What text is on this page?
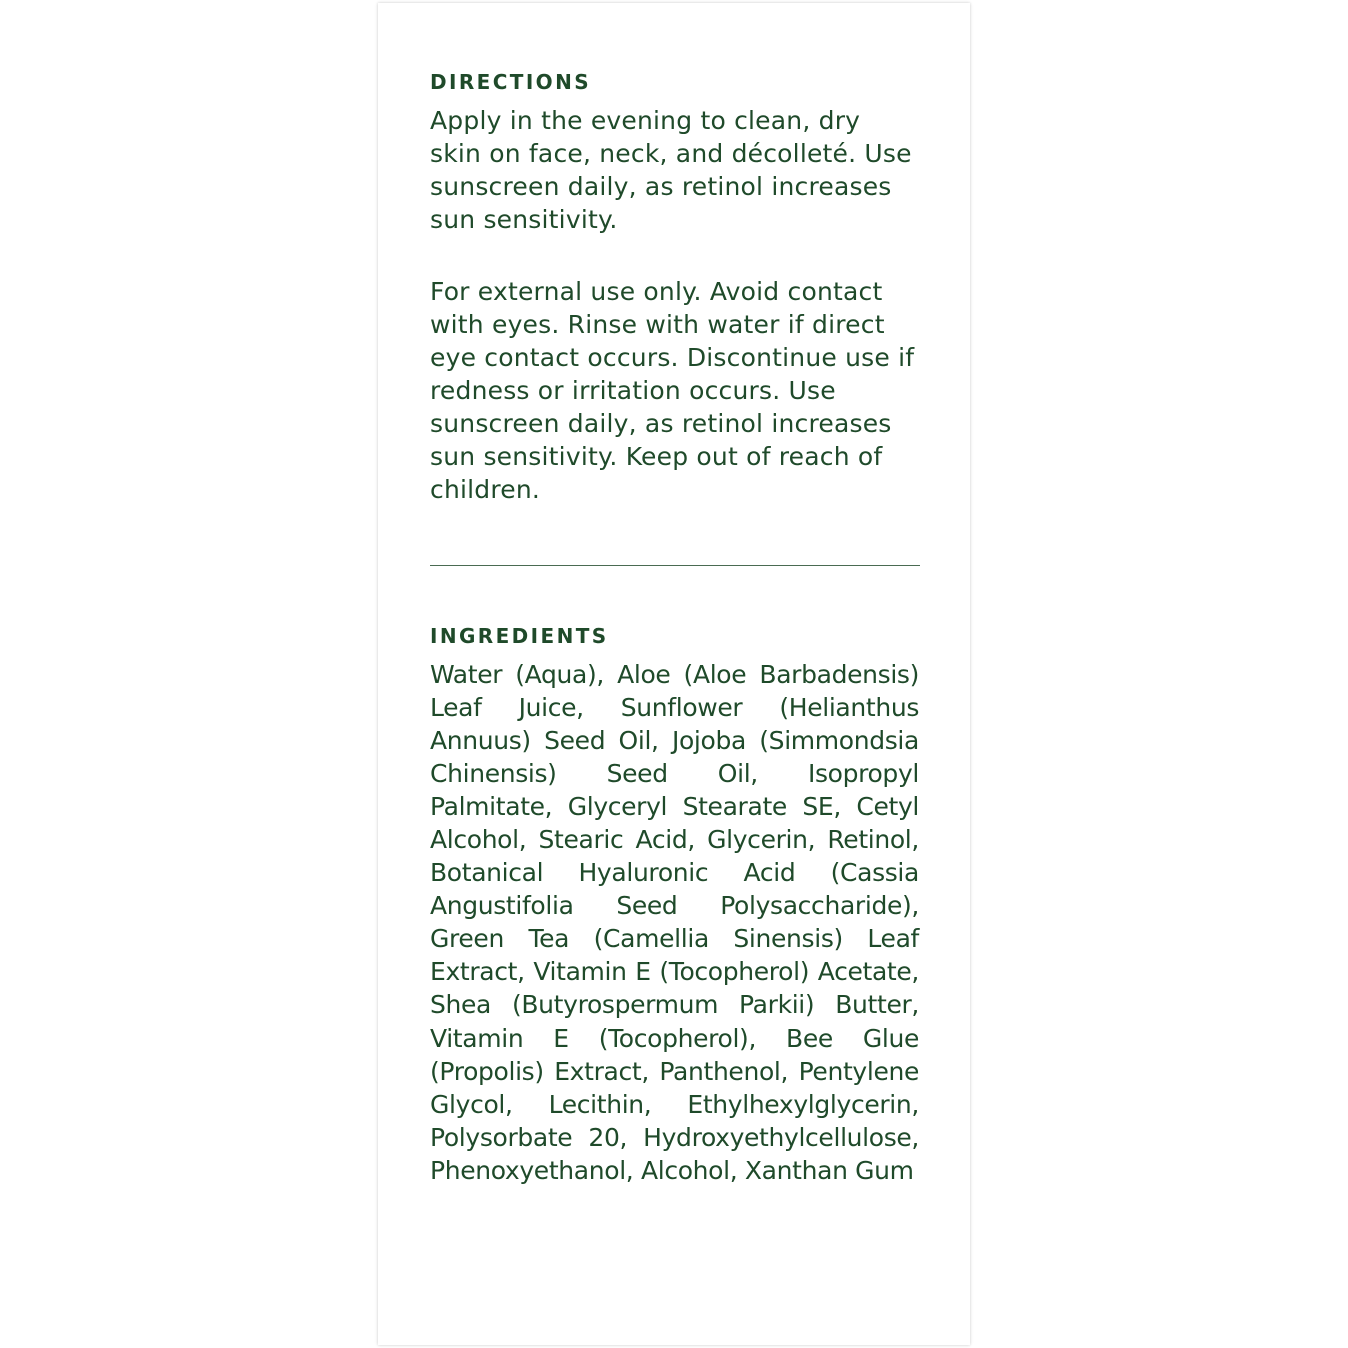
DIRECTIONS

Apply in the evening to clean, dry skin on face, neck, and décolleté. Use sunscreen daily, as retinol increases sun sensitivity.

For external use only. Avoid contact with eyes. Rinse with water if direct eye contact occurs. Discontinue use if redness or irritation occurs. Use sunscreen daily, as retinol increases sun sensitivity. Keep out of reach of children.

INGREDIENTS

Water (Aqua), Aloe (Aloe Barbadensis) Leaf Juice, Sunflower (Helianthus Annuus) Seed Oil, Jojoba (Simmondsia Chinensis) Seed Oil, Isopropyl Palmitate, Glyceryl Stearate SE, Cetyl Alcohol, Stearic Acid, Glycerin, Retinol, Botanical Hyaluronic Acid (Cassia Angustifolia Seed Polysaccharide), Green Tea (Camellia Sinensis) Leaf Extract, Vitamin E (Tocopherol) Acetate, Shea (Butyrospermum Parkii) Butter, Vitamin E (Tocopherol), Bee Glue (Propolis) Extract, Panthenol, Pentylene Glycol, Lecithin, Ethylhexylglycerin, Polysorbate 20, Hydroxyethylcellulose, Phenoxyethanol, Alcohol, Xanthan Gum
